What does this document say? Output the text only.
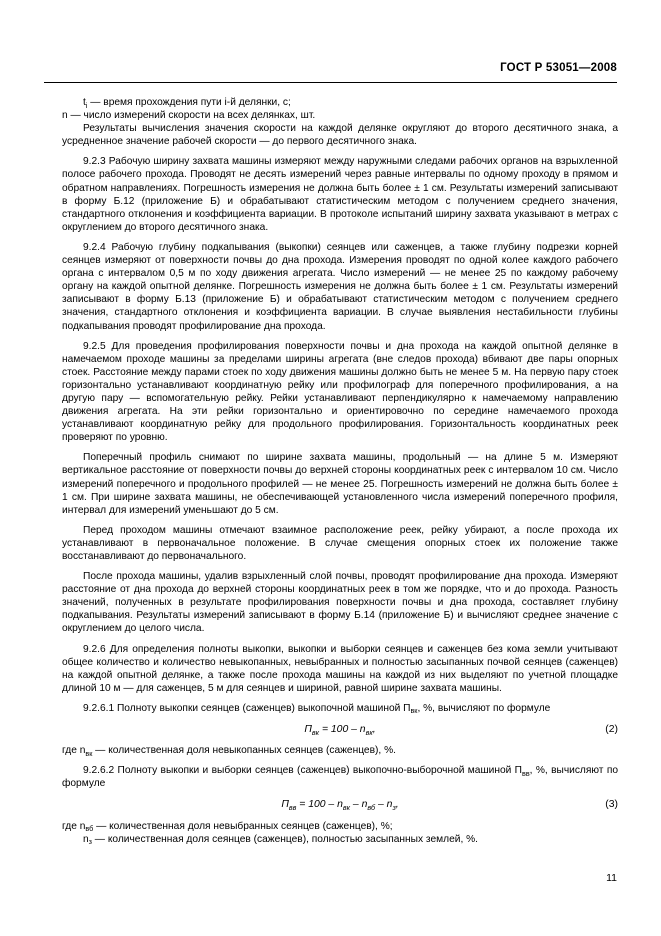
ГОСТ Р 53051—2008

$t_i$ — время прохождения пути i-й делянки, с;

n — число измерений скорости на всех делянках, шт.

Результаты вычисления значения скорости на каждой делянке округляют до второго десятичного знака, а усредненное значение рабочей скорости — до первого десятичного знака.

9.2.3 Рабочую ширину захвата машины измеряют между наружными следами рабочих органов на взрыхленной полосе рабочего прохода. Проводят не десять измерений через равные интервалы по одному проходу в прямом и обратном направлениях. Погрешность измерения не должна быть более ± 1 см. Результаты измерений записывают в форму Б.12 (приложение Б) и обрабатывают статистическим методом с получением среднего значения, стандартного отклонения и коэффициента вариации. В протоколе испытаний ширину захвата указывают в метрах с округлением до второго десятичного знака.

9.2.4 Рабочую глубину подкапывания (выкопки) сеянцев или саженцев, а также глубину подрезки корней сеянцев измеряют от поверхности почвы до дна прохода. Измерения проводят по одной колее каждого рабочего органа с интервалом 0,5 м по ходу движения агрегата. Число измерений — не менее 25 по каждому рабочему органу на каждой опытной делянке. Погрешность измерения не должна быть более ± 1 см. Результаты измерений записывают в форму Б.13 (приложение Б) и обрабатывают статистическим методом с получением среднего значения, стандартного отклонения и коэффициента вариации. В случае выявления нестабильности глубины подкапывания проводят профилирование дна прохода.

9.2.5 Для проведения профилирования поверхности почвы и дна прохода на каждой опытной делянке в намечаемом проходе машины за пределами ширины агрегата (вне следов прохода) вбивают две пары опорных стоек. Расстояние между парами стоек по ходу движения машины должно быть не менее 5 м. На первую пару стоек горизонтально устанавливают координатную рейку или профилограф для поперечного профилирования, а на другую пару — вспомогательную рейку. Рейки устанавливают перпендикулярно к намечаемому направлению движения агрегата. На эти рейки горизонтально и ориентировочно по середине намечаемого прохода устанавливают координатную рейку для продольного профилирования. Горизонтальность координатных реек проверяют по уровню.

Поперечный профиль снимают по ширине захвата машины, продольный — на длине 5 м. Измеряют вертикальное расстояние от поверхности почвы до верхней стороны координатных реек с интервалом 10 см. Число измерений поперечного и продольного профилей — не менее 25. Погрешность измерений не должна быть более ± 1 см. При ширине захвата машины, не обеспечивающей установленного числа измерений поперечного профиля, интервал для измерений уменьшают до 5 см.

Перед проходом машины отмечают взаимное расположение реек, рейку убирают, а после прохода их устанавливают в первоначальное положение. В случае смещения опорных стоек их положение также восстанавливают до первоначального.

После прохода машины, удалив взрыхленный слой почвы, проводят профилирование дна прохода. Измеряют расстояние от дна прохода до верхней стороны координатных реек в том же порядке, что и до прохода. Разность значений, полученных в результате профилирования поверхности почвы и дна прохода, составляет глубину подкапывания. Результаты измерений записывают в форму Б.14 (приложение Б) и вычисляют среднее значение с округлением до целого числа.

9.2.6 Для определения полноты выкопки, выкопки и выборки сеянцев и саженцев без кома земли учитывают общее количество и количество невыкопанных, невыбранных и полностью засыпанных почвой сеянцев (саженцев) на каждой опытной делянке, а также после прохода машины на каждой из них выделяют по учетной площадке длиной 10 м — для саженцев, 5 м для сеянцев и шириной, равной ширине захвата машины.

9.2.6.1 Полноту выкопки сеянцев (саженцев) выкопочной машиной $П_{вк}$, %, вычисляют по формуле

$П_{вк} = 100 - n_{вк}$,	(2)

где $n_{вк}$ — количественная доля невыкопанных сеянцев (саженцев), %.

9.2.6.2 Полноту выкопки и выборки сеянцев (саженцев) выкопочно-выборочной машиной $П_{вв}$, %, вычисляют по формуле

$П_{вв} = 100 - n_{вк} - n_{вб} - n_з$,	(3)

где $n_{вб}$ — количественная доля невыбранных сеянцев (саженцев), %;

$n_з$ — количественная доля сеянцев (саженцев), полностью засыпанных землей, %.

11
